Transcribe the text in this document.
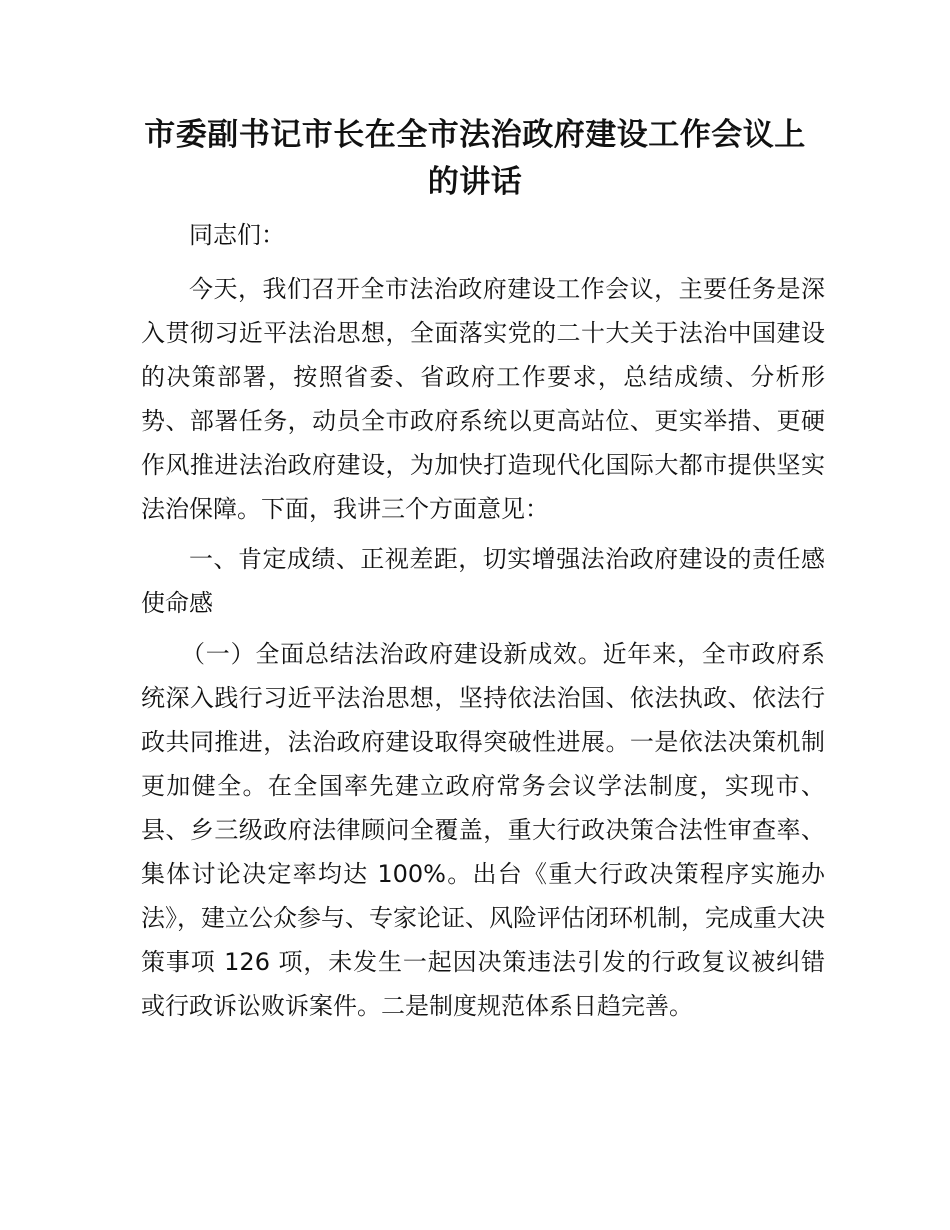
市委副书记市长在全市法治政府建设工作会议上的讲话

同志们：

今天，我们召开全市法治政府建设工作会议，主要任务是深入贯彻习近平法治思想，全面落实党的二十大关于法治中国建设的决策部署，按照省委、省政府工作要求，总结成绩、分析形势、部署任务，动员全市政府系统以更高站位、更实举措、更硬作风推进法治政府建设，为加快打造现代化国际大都市提供坚实法治保障。下面，我讲三个方面意见：

一、肯定成绩、正视差距，切实增强法治政府建设的责任感使命感

（一）全面总结法治政府建设新成效。近年来，全市政府系统深入践行习近平法治思想，坚持依法治国、依法执政、依法行政共同推进，法治政府建设取得突破性进展。一是依法决策机制更加健全。在全国率先建立政府常务会议学法制度，实现市、县、乡三级政府法律顾问全覆盖，重大行政决策合法性审查率、集体讨论决定率均达 100%。出台《重大行政决策程序实施办法》，建立公众参与、专家论证、风险评估闭环机制，完成重大决策事项 126 项，未发生一起因决策违法引发的行政复议被纠错或行政诉讼败诉案件。二是制度规范体系日趋完善。
